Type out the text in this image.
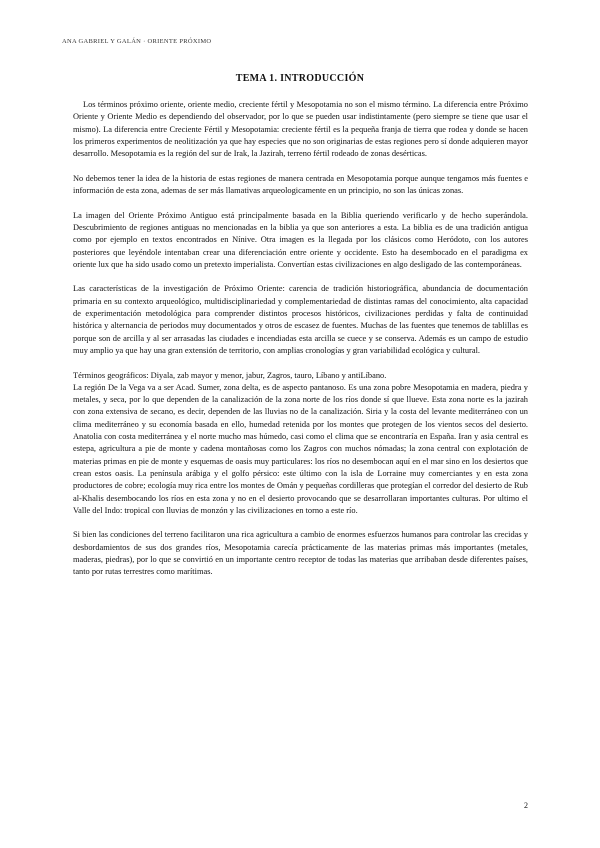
ANA GABRIEL Y GALÁN · ORIENTE PRÓXIMO
TEMA 1. INTRODUCCIÓN

Los términos próximo oriente, oriente medio, creciente fértil y Mesopotamia no son el mismo término. La diferencia entre Próximo Oriente y Oriente Medio es dependiendo del observador, por lo que se pueden usar indistintamente (pero siempre se tiene que usar el mismo). La diferencia entre Creciente Fértil y Mesopotamia: creciente fértil es la pequeña franja de tierra que rodea y donde se hacen los primeros experimentos de neolitización ya que hay especies que no son originarias de estas regiones pero sí donde adquieren mayor desarrollo. Mesopotamia es la región del sur de Irak, la Jazirah, terreno fértil rodeado de zonas desérticas.

No debemos tener la idea de la historia de estas regiones de manera centrada en Mesopotamia porque aunque tengamos más fuentes e información de esta zona, ademas de ser más llamativas arqueologicamente en un principio, no son las únicas zonas.

La imagen del Oriente Próximo Antiguo está principalmente basada en la Biblia queriendo verificarlo y de hecho superándola. Descubrimiento de regiones antiguas no mencionadas en la biblia ya que son anteriores a esta. La biblia es de una tradición antigua como por ejemplo en textos encontrados en Nínive. Otra imagen es la llegada por los clásicos como Heródoto, con los autores posteriores que leyéndole intentaban crear una diferenciación entre oriente y occidente. Esto ha desembocado en el paradigma ex oriente lux que ha sido usado como un pretexto imperialista. Convertían estas civilizaciones en algo desligado de las contemporáneas.

Las características de la investigación de Próximo Oriente: carencia de tradición historiográfica, abundancia de documentación primaria en su contexto arqueológico, multidisciplinariedad y complementariedad de distintas ramas del conocimiento, alta capacidad de experimentación metodológica para comprender distintos procesos históricos, civilizaciones perdidas y falta de continuidad histórica y alternancia de periodos muy documentados y otros de escasez de fuentes. Muchas de las fuentes que tenemos de tablillas es porque son de arcilla y al ser arrasadas las ciudades e incendiadas esta arcilla se cuece y se conserva. Además es un campo de estudio muy amplio ya que hay una gran extensión de territorio, con amplias cronologías y gran variabilidad ecológica y cultural.

Términos geográficos: Diyala, zab mayor y menor, jabur, Zagros, tauro, Líbano y antiLíbano.

La región De la Vega va a ser Acad. Sumer, zona delta, es de aspecto pantanoso. Es una zona pobre Mesopotamia en madera, piedra y metales, y seca, por lo que dependen de la canalización de la zona norte de los ríos donde sí que llueve. Esta zona norte es la jazirah con zona extensiva de secano, es decir, dependen de las lluvias no de la canalización. Siria y la costa del levante mediterráneo con un clima mediterráneo y su economía basada en ello, humedad retenida por los montes que protegen de los vientos secos del desierto. Anatolia con costa mediterránea y el norte mucho mas húmedo, casi como el clima que se encontraría en España. Iran y asia central es estepa, agricultura a pie de monte y cadena montañosas como los Zagros con muchos nómadas; la zona central con explotación de materias primas en pie de monte y esquemas de oasis muy particulares: los ríos no desembocan aquí en el mar sino en los desiertos que crean estos oasis. La península arábiga y el golfo pérsico: este último con la isla de Lorraine muy comerciantes y en esta zona productores de cobre; ecología muy rica entre los montes de Omán y pequeñas cordilleras que protegían el corredor del desierto de Rub al-Khalis desembocando los ríos en esta zona y no en el desierto provocando que se desarrollaran importantes culturas. Por ultimo el Valle del Indo: tropical con lluvias de monzón y las civilizaciones en torno a este río.

Si bien las condiciones del terreno facilitaron una rica agricultura a cambio de enormes esfuerzos humanos para controlar las crecidas y desbordamientos de sus dos grandes ríos, Mesopotamia carecía prácticamente de las materias primas más importantes (metales, maderas, piedras), por lo que se convirtió en un importante centro receptor de todas las materias que arribaban desde diferentes países, tanto por rutas terrestres como marítimas.

2
